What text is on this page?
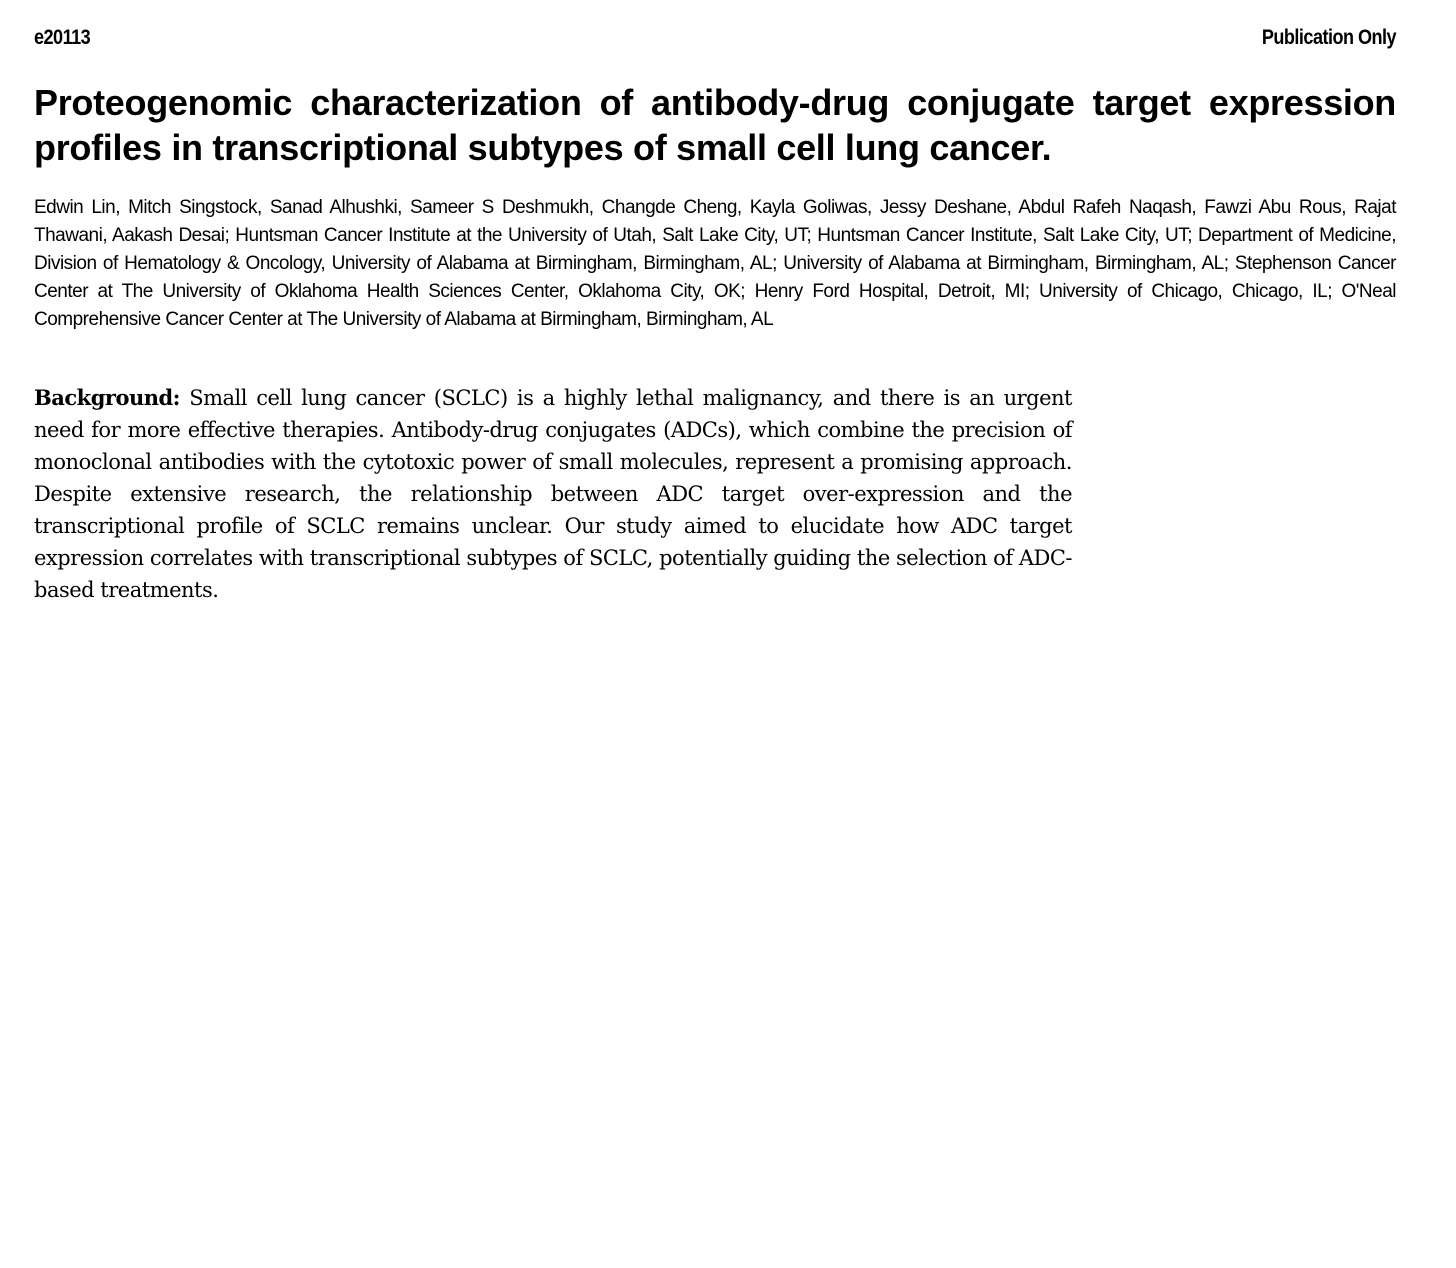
e20113	Publication Only
Proteogenomic characterization of antibody-drug conjugate target expression profiles in transcriptional subtypes of small cell lung cancer.

Edwin Lin, Mitch Singstock, Sanad Alhushki, Sameer S Deshmukh, Changde Cheng, Kayla Goliwas, Jessy Deshane, Abdul Rafeh Naqash, Fawzi Abu Rous, Rajat Thawani, Aakash Desai; Huntsman Cancer Institute at the University of Utah, Salt Lake City, UT; Huntsman Cancer Institute, Salt Lake City, UT; Department of Medicine, Division of Hematology & Oncology, University of Alabama at Birmingham, Birmingham, AL; University of Alabama at Birmingham, Birmingham, AL; Stephenson Cancer Center at The University of Oklahoma Health Sciences Center, Oklahoma City, OK; Henry Ford Hospital, Detroit, MI; University of Chicago, Chicago, IL; O'Neal Comprehensive Cancer Center at The University of Alabama at Birmingham, Birmingham, AL

Background: Small cell lung cancer (SCLC) is a highly lethal malignancy, and there is an urgent need for more effective therapies. Antibody-drug conjugates (ADCs), which combine the precision of monoclonal antibodies with the cytotoxic power of small molecules, represent a promising approach. Despite extensive research, the relationship between ADC target over-expression and the transcriptional profile of SCLC remains unclear. Our study aimed to elucidate how ADC target expression correlates with transcriptional subtypes of SCLC, potentially guiding the selection of ADC-based treatments.
